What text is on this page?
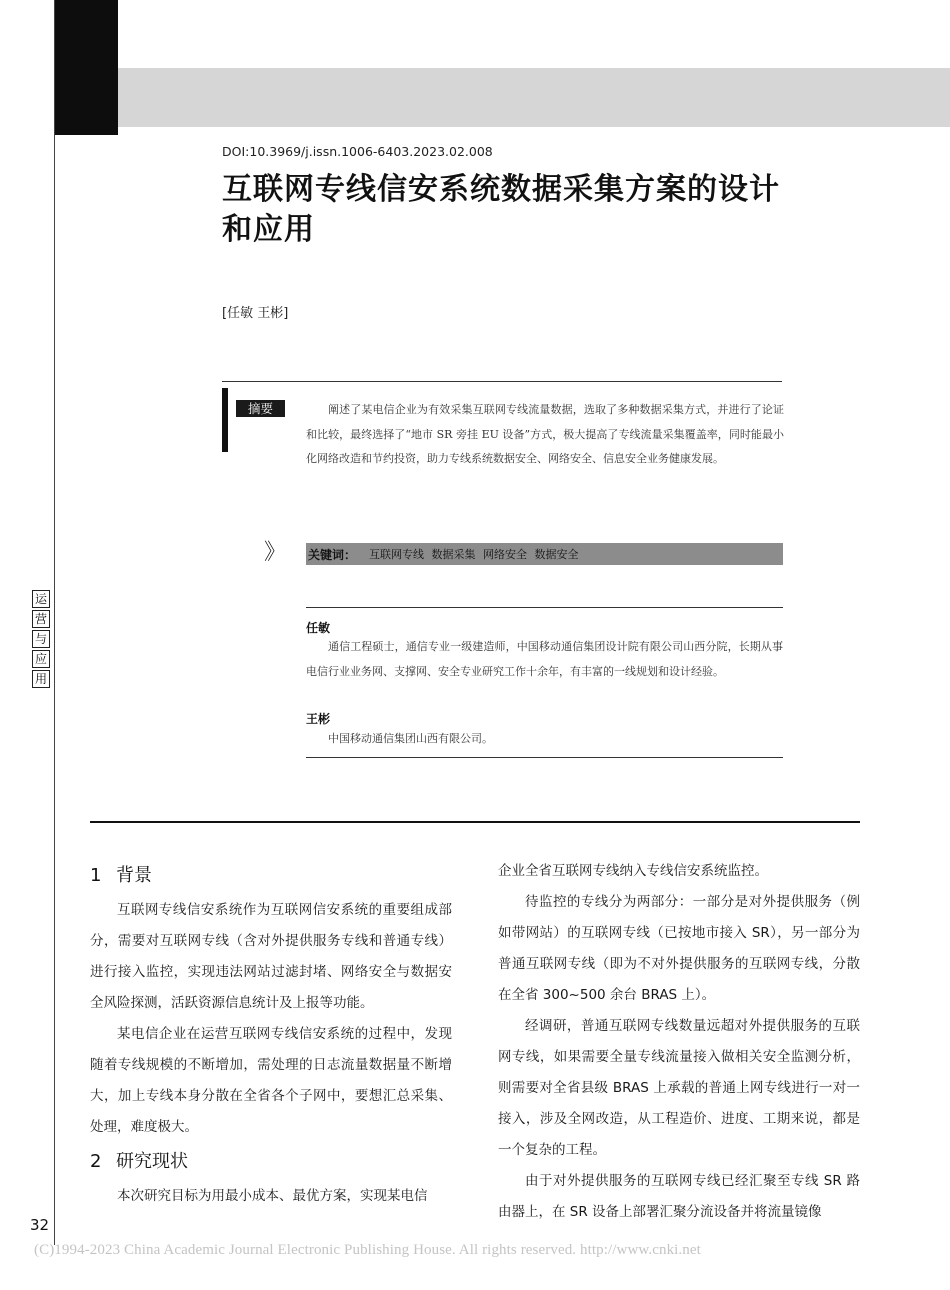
DOI:10.3969/j.issn.1006-6403.2023.02.008
互联网专线信安系统数据采集方案的设计和应用
[任敏 王彬]
摘要	阐述了某电信企业为有效采集互联网专线流量数据，选取了多种数据采集方式，并进行了论证和比较，最终选择了“地市 SR 旁挂 EU 设备”方式，极大提高了专线流量采集覆盖率，同时能最小化网络改造和节约投资，助力专线系统数据安全、网络安全、信息安全业务健康发展。
》 关键词： 互联网专线 数据采集 网络安全 数据安全
任敏
通信工程硕士，通信专业一级建造师，中国移动通信集团设计院有限公司山西分院，长期从事电信行业业务网、支撑网、安全专业研究工作十余年，有丰富的一线规划和设计经验。
王彬
中国移动通信集团山西有限公司。
运
营
与
应
用
1 背景

互联网专线信安系统作为互联网信安系统的重要组成部分，需要对互联网专线（含对外提供服务专线和普通专线）进行接入监控，实现违法网站过滤封堵、网络安全与数据安全风险探测，活跃资源信息统计及上报等功能。

某电信企业在运营互联网专线信安系统的过程中，发现随着专线规模的不断增加，需处理的日志流量数据量不断增大，加上专线本身分散在全省各个子网中，要想汇总采集、处理，难度极大。

2 研究现状

本次研究目标为用最小成本、最优方案，实现某电信

企业全省互联网专线纳入专线信安系统监控。

待监控的专线分为两部分：一部分是对外提供服务（例如带网站）的互联网专线（已按地市接入 SR），另一部分为普通互联网专线（即为不对外提供服务的互联网专线，分散在全省 300~500 余台 BRAS 上）。

经调研，普通互联网专线数量远超对外提供服务的互联网专线，如果需要全量专线流量接入做相关安全监测分析，则需要对全省县级 BRAS 上承载的普通上网专线进行一对一接入，涉及全网改造，从工程造价、进度、工期来说，都是一个复杂的工程。

由于对外提供服务的互联网专线已经汇聚至专线 SR 路由器上，在 SR 设备上部署汇聚分流设备并将流量镜像

32
(C)1994-2023 China Academic Journal Electronic Publishing House. All rights reserved. http://www.cnki.net
